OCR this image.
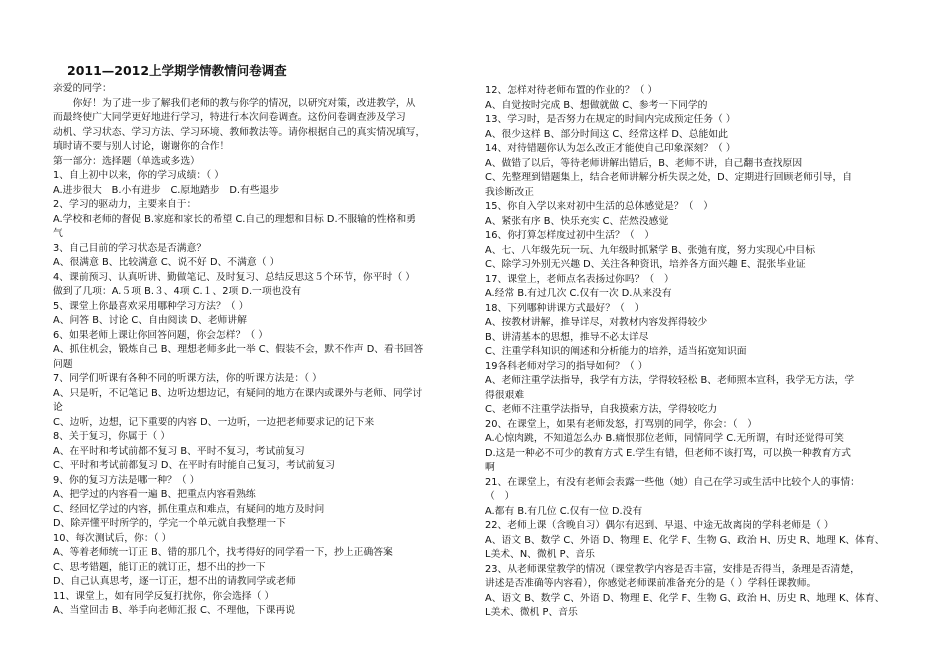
2011—2012上学期学情教情问卷调查
亲爱的同学：
　　你好！为了进一步了解我们老师的教与你学的情况，以研究对策，改进教学，从
而最终使广大同学更好地进行学习，特进行本次问卷调查。这份问卷调查涉及学习
动机、学习状态、学习方法、学习环境、教师教法等。请你根据自己的真实情况填写，
填时请不要与别人讨论，谢谢你的合作！
第一部分：选择题（单选或多选）
1、自上初中以来，你的学习成绩：（ ）
A.进步很大　B.小有进步　C.原地踏步　D.有些退步
2、学习的驱动力，主要来自于：
A.学校和老师的督促 B.家庭和家长的希望 C.自己的理想和目标 D.不服输的性格和勇
气
3、自己目前的学习状态是否满意？
A、很满意 B、比较满意 C、说不好 D、不满意（ ）
4、课前预习、认真听讲、勤做笔记、及时复习、总结反思这５个环节，你平时（ ）
做到了几项：A.５项 B.３、4项 C.１、2项 D.一项也没有
5、课堂上你最喜欢采用哪种学习方法？（ ）
A、问答 B、讨论 C、自由阅读 D、老师讲解
6、如果老师上课让你回答问题，你会怎样？（ ）
A、抓住机会，锻炼自己 B、理想老师多此一举 C、假装不会，默不作声 D、看书回答
问题
7、同学们听课有各种不同的听课方法，你的听课方法是：（ ）
A、只是听，不记笔记 B、边听边想边记，有疑问的地方在课内或课外与老师、同学讨
论
C、边听，边想，记下重要的内容 D、一边听，一边把老师要求记的记下来
8、关于复习，你属于（ ）
A、在平时和考试前都不复习 B、平时不复习，考试前复习
C、平时和考试前都复习 D、在平时有时能自己复习，考试前复习
9、你的复习方法是哪一种？（ ）
A、把学过的内容看一遍 B、把重点内容看熟练
C、经回忆学过的内容，抓住重点和难点，有疑问的地方及时问
D、除弄懂平时所学的，学完一个单元就自我整理一下
10、每次测试后，你：（ ）
A、等着老师统一订正 B、错的那几个，找考得好的同学看一下，抄上正确答案
C、思考错题，能订正的就订正，想不出的抄一下
D、自己认真思考，逐一订正，想不出的请教同学或老师
11、课堂上，如有同学反复打扰你，你会选择（ ）
A、当堂回击 B、举手向老师汇报 C、不理他，下课再说
12、怎样对待老师布置的作业的？（ ）
A、自觉按时完成 B、想做就做 C、参考一下同学的
13、学习时，是否努力在规定的时间内完成预定任务（ ）
A、很少这样 B、部分时间这 C、经常这样 D、总能如此
14、对待错题你认为怎么改正才能使自己印象深刻？（ ）
A、做错了以后，等待老师讲解出错后，B、老师不讲，自己翻书查找原因
C、先整理到错题集上，结合老师讲解分析失误之处，D、定期进行回顾老师引导，自
我诊断改正
15、你自入学以来对初中生活的总体感觉是？（　）
A、紧张有序 B、快乐充实 C、茫然没感觉
16、你打算怎样度过初中生活？（　）
A、七、八年级先玩一玩、九年级时抓紧学 B、张弛有度，努力实现心中目标
C、除学习外别无兴趣 D、关注各种资讯，培养各方面兴趣 E、混张毕业证
17、课堂上，老师点名表扬过你吗？（　）
A.经常 B.有过几次 C.仅有一次 D.从来没有
18、下列哪种讲课方式最好？（　）
A、按教材讲解，推导详尽，对教材内容发挥得较少
B、讲清基本的思想，推导不必太详尽
C、注重学科知识的阐述和分析能力的培养，适当拓宽知识面
19各科老师对学习的指导如何？（ ）
A、老师注重学法指导，我学有方法，学得较轻松 B、老师照本宣科，我学无方法，学
得很艰难
C、老师不注重学法指导，自我摸索方法，学得较吃力
20、在课堂上，如果有老师发怒，打骂别的同学，你会：（　）
A.心惊肉跳，不知道怎么办 B.痛恨那位老师，同情同学 C.无所谓，有时还觉得可笑
D.这是一种必不可少的教育方式 E.学生有错，但老师不该打骂，可以换一种教育方式
啊
21、在课堂上，有没有老师会表露一些他（她）自己在学习或生活中比较个人的事情：
（　）
A.都有 B.有几位 C.仅有一位 D.没有
22、老师上课（含晚自习）偶尔有迟到、早退、中途无故离岗的学科老师是（ ）
A、语文 B、数学 C、外语 D、物理 E、化学 F、生物 G、政治 H、历史 R、地理 K、体育、
L美术、N、微机 P、音乐
23、从老师课堂教学的情况（课堂教学内容是否丰富，安排是否得当，条理是否清楚，
讲述是否准确等内容看），你感觉老师课前准备充分的是（ ）学科任课教师。
A、语文 B、数学 C、外语 D、物理 E、化学 F、生物 G、政治 H、历史 R、地理 K、体育、
L美术、微机 P、音乐
